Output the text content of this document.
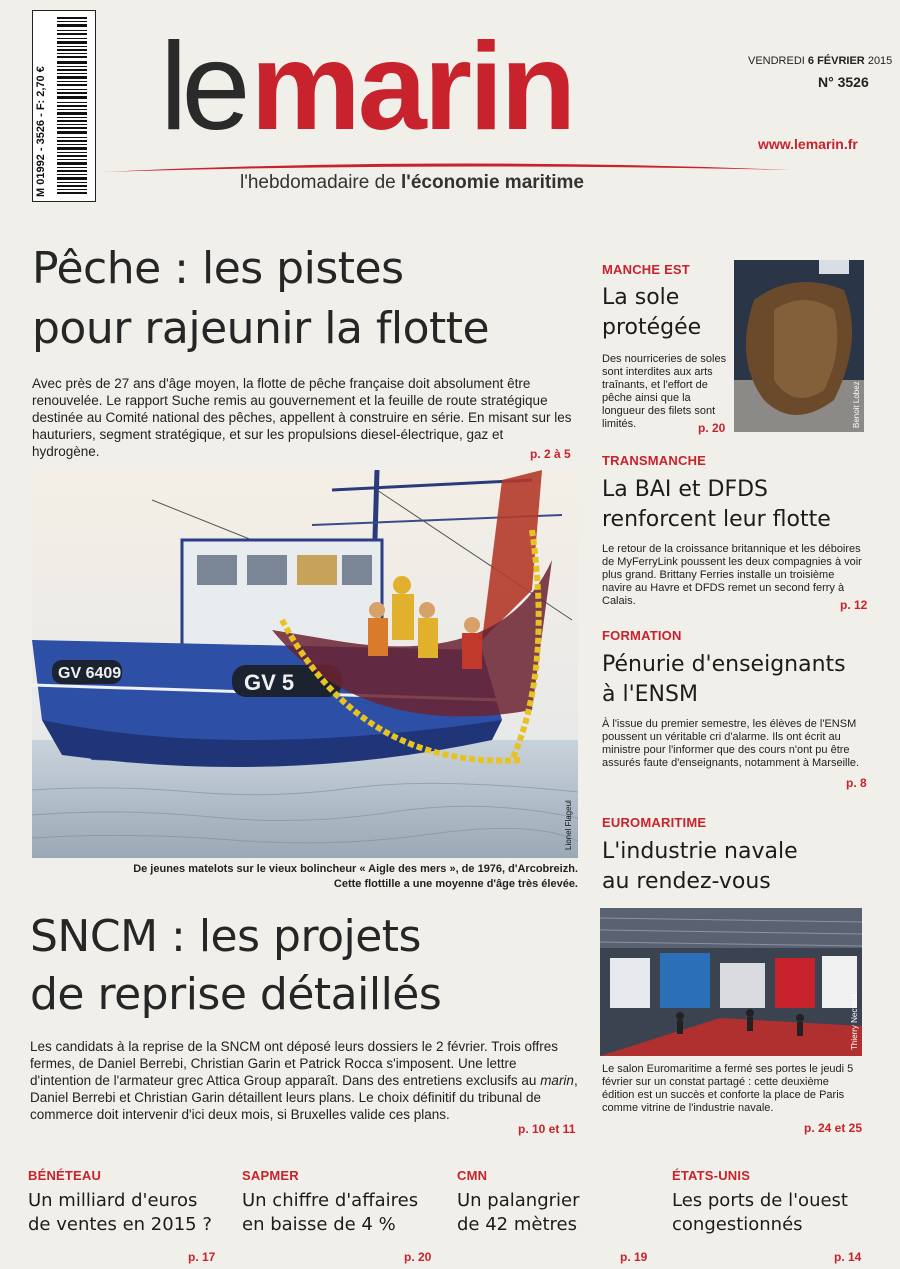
M 01992 - 3526 - F: 2,70 € lemarin
l'hebdomadaire de l'économie maritime
VENDREDI 6 FÉVRIER 2015
N° 3526
www.lemarin.fr
Pêche : les pistes
pour rajeunir la flotte
Avec près de 27 ans d'âge moyen, la flotte de pêche française doit absolument être renouvelée. Le rapport Suche remis au gouvernement et la feuille de route stratégique destinée au Comité national des pêches, appellent à construire en série. En misant sur les hauturiers, segment stratégique, et sur les propulsions diesel-électrique, gaz et hydrogène.	p. 2 à 5
GV 5
GV 6409
Lionel Flageul
De jeunes matelots sur le vieux bolincheur « Aigle des mers », de 1976, d'Arcobreizh.
Cette flottille a une moyenne d'âge très élevée.
SNCM : les projets
de reprise détaillés
Les candidats à la reprise de la SNCM ont déposé leurs dossiers le 2 février. Trois offres fermes, de Daniel Berrebi, Christian Garin et Patrick Rocca s'imposent. Une lettre d'intention de l'armateur grec Attica Group apparaît. Dans des entretiens exclusifs au marin, Daniel Berrebi et Christian Garin détaillent leurs plans. Le choix définitif du tribunal de commerce doit intervenir d'ici deux mois, si Bruxelles valide ces plans.
p. 10 et 11
MANCHE EST
La sole
protégée
Des nourriceries de soles sont interdites aux arts traînants, et l'effort de pêche ainsi que la longueur des filets sont limités.	p. 20	Benoit Lobez
TRANSMANCHE
La BAI et DFDS
renforcent leur flotte
Le retour de la croissance britannique et les déboires de MyFerryLink poussent les deux compagnies à voir plus grand. Brittany Ferries installe un troisième navire au Havre et DFDS remet un second ferry à Calais.	p. 12
FORMATION
Pénurie d'enseignants
à l'ENSM
À l'issue du premier semestre, les élèves de l'ENSM poussent un véritable cri d'alarme. Ils ont écrit au ministre pour l'informer que des cours n'ont pu être assurés faute d'enseignants, notamment à Marseille.
p. 8
EUROMARITIME
L'industrie navale
au rendez-vous
Thierry Nectoux
Le salon Euromaritime a fermé ses portes le jeudi 5 février sur un constat partagé : cette deuxième édition est un succès et conforte la place de Paris comme vitrine de l'industrie navale.
p. 24 et 25
BÉNÉTEAU
Un milliard d'euros
de ventes en 2015 ?
p. 17
SAPMER
Un chiffre d'affaires
en baisse de 4 %
p. 20
CMN
Un palangrier
de 42 mètres
p. 19
ÉTATS-UNIS
Les ports de l'ouest
congestionnés
p. 14
